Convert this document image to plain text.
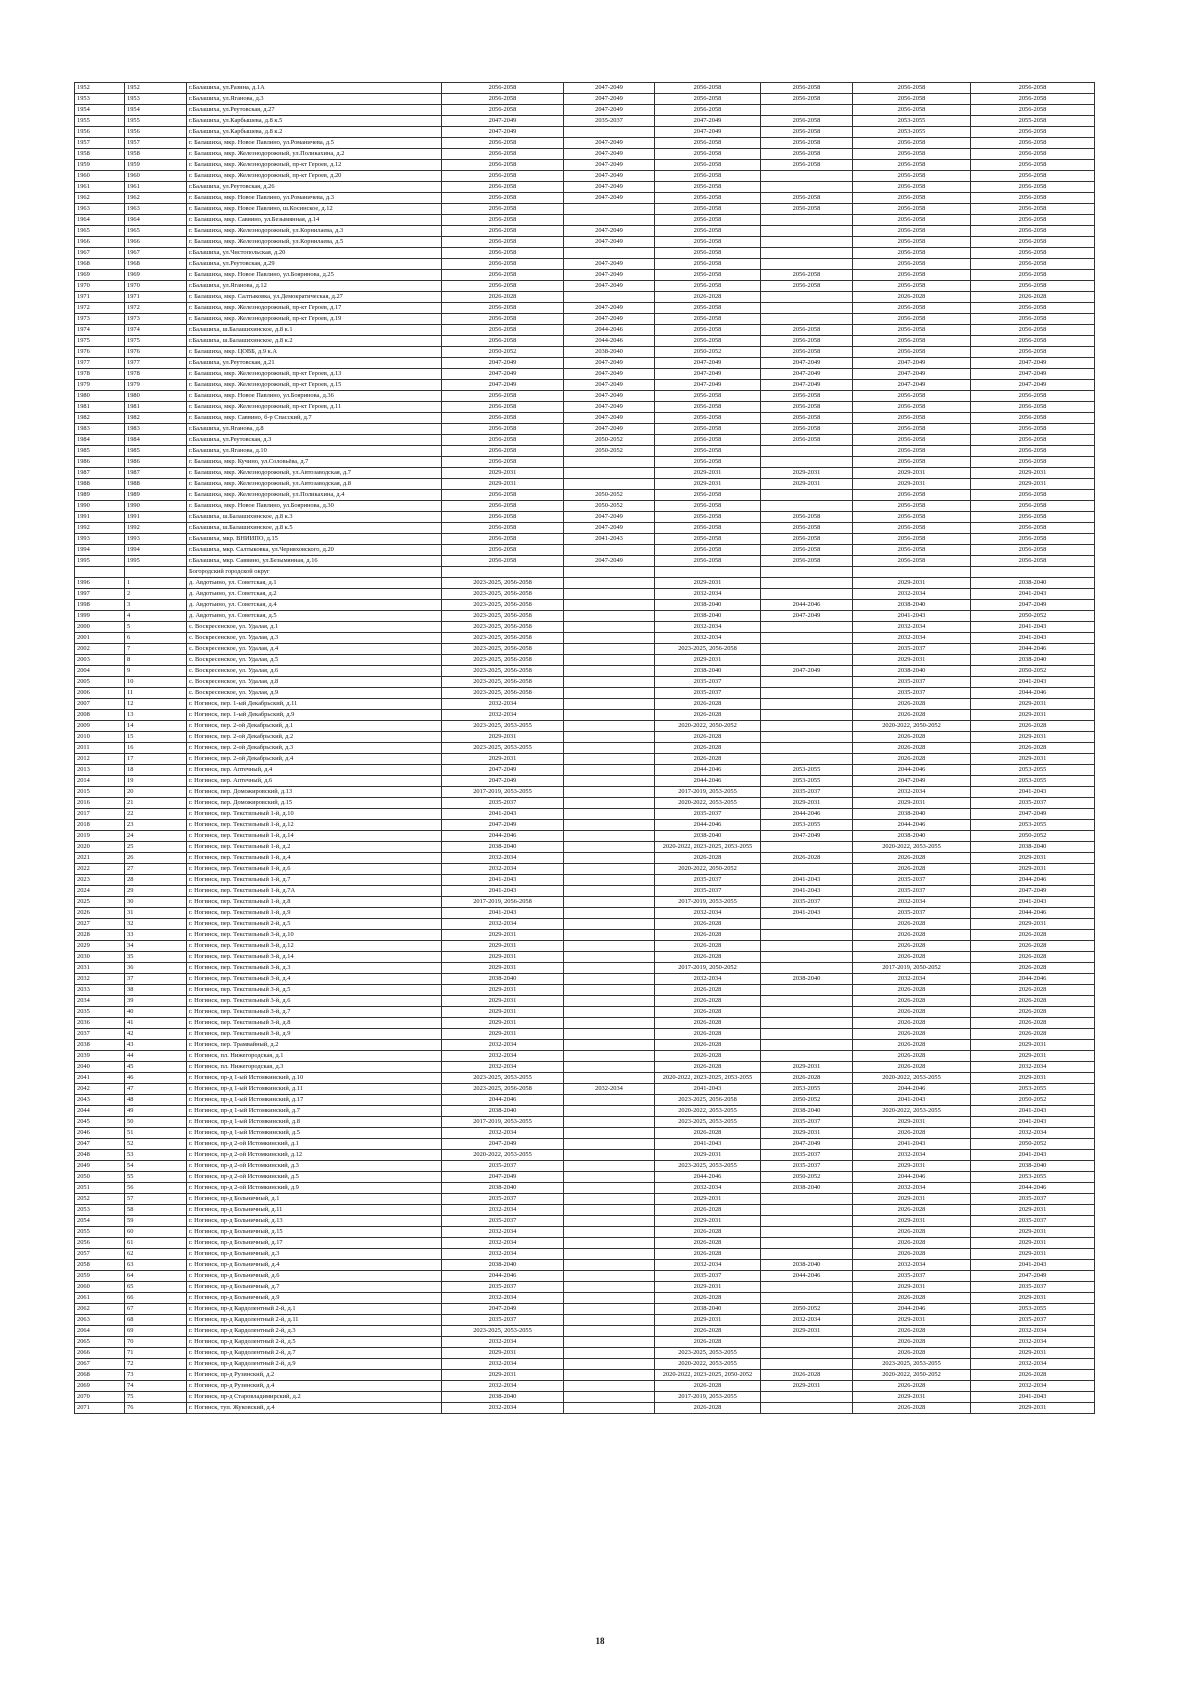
1952	1952	г.Балашиха, ул.Разина, д.1А	2056-2058	2047-2049	2056-2058	2056-2058	2056-2058	2056-2058
1953	1953	г.Балашиха, ул.Яганова, д.3	2056-2058	2047-2049	2056-2058	2056-2058	2056-2058	2056-2058
1954	1954	г.Балашиха, ул.Реутовская, д.27	2056-2058	2047-2049	2056-2058		2056-2058	2056-2058
1955	1955	г.Балашиха, ул.Карбышева, д.8 к.5	2047-2049	2035-2037	2047-2049	2056-2058	2053-2055	2055-2058
1956	1956	г.Балашиха, ул.Карбышева, д.8 к.2	2047-2049		2047-2049	2056-2058	2053-2055	2056-2058
1957	1957	г. Балашиха, мкр. Новое Павлино, ул.Романичева, д.5	2056-2058	2047-2049	2056-2058	2056-2058	2056-2058	2056-2058
1958	1958	г. Балашиха, мкр. Железнодорожный, ул.Поликахина, д.2	2056-2058	2047-2049	2056-2058	2056-2058	2056-2058	2056-2058
1959	1959	г. Балашиха, мкр. Железнодорожный, пр-кт Героев, д.12	2056-2058	2047-2049	2056-2058	2056-2058	2056-2058	2056-2058
1960	1960	г. Балашиха, мкр. Железнодорожный, пр-кт Героев, д.20	2056-2058	2047-2049	2056-2058		2056-2058	2056-2058
1961	1961	г.Балашиха, ул.Реутовская, д.26	2056-2058	2047-2049	2056-2058		2056-2058	2056-2058
1962	1962	г. Балашиха, мкр. Новое Павлино, ул.Романичева, д.3	2056-2058	2047-2049	2056-2058	2056-2058	2056-2058	2056-2058
1963	1963	г. Балашиха, мкр. Новое Павлино, ш.Косинское, д.12	2056-2058		2056-2058	2056-2058	2056-2058	2056-2058
1964	1964	г. Балашиха, мкр. Саввино, ул.Безымянная, д.14	2056-2058		2056-2058		2056-2058	2056-2058
1965	1965	г. Балашиха, мкр. Железнодорожный, ул.Корнилаева, д.3	2056-2058	2047-2049	2056-2058		2056-2058	2056-2058
1966	1966	г. Балашиха, мкр. Железнодорожный, ул.Корнилаева, д.5	2056-2058	2047-2049	2056-2058		2056-2058	2056-2058
1967	1967	г.Балашиха, ул.Чистопольская, д.20	2056-2058		2056-2058		2056-2058	2056-2058
1968	1968	г.Балашиха, ул.Реутовская, д.29	2056-2058	2047-2049	2056-2058		2056-2058	2056-2058
1969	1969	г. Балашиха, мкр. Новое Павлино, ул.Бояринова, д.25	2056-2058	2047-2049	2056-2058	2056-2058	2056-2058	2056-2058
1970	1970	г.Балашиха, ул.Яганова, д.12	2056-2058	2047-2049	2056-2058	2056-2058	2056-2058	2056-2058
1971	1971	г. Балашиха, мкр. Салтыковка, ул.Демократическая, д.27	2026-2028		2026-2028		2026-2028	2026-2028
1972	1972	г. Балашиха, мкр. Железнодорожный, пр-кт Героев, д.17	2056-2058	2047-2049	2056-2058		2056-2058	2056-2058
1973	1973	г. Балашиха, мкр. Железнодорожный, пр-кт Героев, д.19	2056-2058	2047-2049	2056-2058		2056-2058	2056-2058
1974	1974	г.Балашиха, ш.Балашихинское, д.8 к.1	2056-2058	2044-2046	2056-2058	2056-2058	2056-2058	2056-2058
1975	1975	г.Балашиха, ш.Балашихинское, д.8 к.2	2056-2058	2044-2046	2056-2058	2056-2058	2056-2058	2056-2058
1976	1976	г. Балашиха, мкр. ЦОВБ, д.9 к.А	2050-2052	2038-2040	2050-2052	2056-2058	2056-2058	2056-2058
1977	1977	г.Балашиха, ул.Реутовская, д.21	2047-2049	2047-2049	2047-2049	2047-2049	2047-2049	2047-2049
1978	1978	г. Балашиха, мкр. Железнодорожный, пр-кт Героев, д.13	2047-2049	2047-2049	2047-2049	2047-2049	2047-2049	2047-2049
1979	1979	г. Балашиха, мкр. Железнодорожный, пр-кт Героев, д.15	2047-2049	2047-2049	2047-2049	2047-2049	2047-2049	2047-2049
1980	1980	г. Балашиха, мкр. Новое Павлино, ул.Бояринова, д.36	2056-2058	2047-2049	2056-2058	2056-2058	2056-2058	2056-2058
1981	1981	г. Балашиха, мкр. Железнодорожный, пр-кт Героев, д.11	2056-2058	2047-2049	2056-2058	2056-2058	2056-2058	2056-2058
1982	1982	г. Балашиха, мкр. Саввино, б-р Спасский, д.7	2056-2058	2047-2049	2056-2058	2056-2058	2056-2058	2056-2058
1983	1983	г.Балашиха, ул.Яганова, д.8	2056-2058	2047-2049	2056-2058	2056-2058	2056-2058	2056-2058
1984	1984	г.Балашиха, ул.Реутовская, д.3	2056-2058	2050-2052	2056-2058	2056-2058	2056-2058	2056-2058
1985	1985	г.Балашиха, ул.Яганова, д.10	2056-2058	2050-2052	2056-2058		2056-2058	2056-2058
1986	1986	г. Балашиха, мкр. Кучино, ул.Соловьёва, д.7	2056-2058		2056-2058		2056-2058	2056-2058
1987	1987	г. Балашиха, мкр. Железнодорожный, ул.Автозаводская, д.7	2029-2031		2029-2031	2029-2031	2029-2031	2029-2031
1988	1988	г. Балашиха, мкр. Железнодорожный, ул.Автозаводская, д.8	2029-2031		2029-2031	2029-2031	2029-2031	2029-2031
1989	1989	г. Балашиха, мкр. Железнодорожный, ул.Поликахина, д.4	2056-2058	2050-2052	2056-2058		2056-2058	2056-2058
1990	1990	г. Балашиха, мкр. Новое Павлино, ул.Бояринова, д.30	2056-2058	2050-2052	2056-2058		2056-2058	2056-2058
1991	1991	г.Балашиха, ш.Балашихинское, д.8 к.3	2056-2058	2047-2049	2056-2058	2056-2058	2056-2058	2056-2058
1992	1992	г.Балашиха, ш.Балашихинское, д.8 к.5	2056-2058	2047-2049	2056-2058	2056-2058	2056-2058	2056-2058
1993	1993	г.Балашиха, мкр. ВНИИПО, д.15	2056-2058	2041-2043	2056-2058	2056-2058	2056-2058	2056-2058
1994	1994	г.Балашиха, мкр. Салтыковка, ул.Черняховского, д.20	2056-2058		2056-2058	2056-2058	2056-2058	2056-2058
1995	1995	г.Балашиха, мкр. Саввино, ул.Безымянная, д.16	2056-2058	2047-2049	2056-2058	2056-2058	2056-2058	2056-2058
		Богородский городской округ						
1996	1	д. Авдотьино, ул. Советская, д.1	2023-2025, 2056-2058		2029-2031		2029-2031	2038-2040
1997	2	д. Авдотьино, ул. Советская, д.2	2023-2025, 2056-2058		2032-2034		2032-2034	2041-2043
1998	3	д. Авдотьино, ул. Советская, д.4	2023-2025, 2056-2058		2038-2040	2044-2046	2038-2040	2047-2049
1999	4	д. Авдотьино, ул. Советская, д.5	2023-2025, 2056-2058		2038-2040	2047-2049	2041-2043	2050-2052
2000	5	с. Воскресенское, ул. Удалая, д.1	2023-2025, 2056-2058		2032-2034		2032-2034	2041-2043
2001	6	с. Воскресенское, ул. Удалая, д.3	2023-2025, 2056-2058		2032-2034		2032-2034	2041-2043
2002	7	с. Воскресенское, ул. Удалая, д.4	2023-2025, 2056-2058		2023-2025, 2056-2058		2035-2037	2044-2046
2003	8	с. Воскресенское, ул. Удалая, д.5	2023-2025, 2056-2058		2029-2031		2029-2031	2038-2040
2004	9	с. Воскресенское, ул. Удалая, д.6	2023-2025, 2056-2058		2038-2040	2047-2049	2038-2040	2050-2052
2005	10	с. Воскресенское, ул. Удалая, д.8	2023-2025, 2056-2058		2035-2037		2035-2037	2041-2043
2006	11	с. Воскресенское, ул. Удалая, д.9	2023-2025, 2056-2058		2035-2037		2035-2037	2044-2046
2007	12	г. Ногинск, пер. 1-ый Декабрьский, д.11	2032-2034		2026-2028		2026-2028	2029-2031
2008	13	г. Ногинск, пер. 1-ый Декабрьский, д.9	2032-2034		2026-2028		2026-2028	2029-2031
2009	14	г. Ногинск, пер. 2-ой Декабрьский, д.1	2023-2025, 2053-2055		2020-2022, 2050-2052		2020-2022, 2050-2052	2026-2028
2010	15	г. Ногинск, пер. 2-ой Декабрьский, д.2	2029-2031		2026-2028		2026-2028	2029-2031
2011	16	г. Ногинск, пер. 2-ой Декабрьский, д.3	2023-2025, 2053-2055		2026-2028		2026-2028	2026-2028
2012	17	г. Ногинск, пер. 2-ой Декабрьский, д.4	2029-2031		2026-2028		2026-2028	2029-2031
2013	18	г. Ногинск, пер. Аптечный, д.4	2047-2049		2044-2046	2053-2055	2044-2046	2053-2055
2014	19	г. Ногинск, пер. Аптечный, д.6	2047-2049		2044-2046	2053-2055	2047-2049	2053-2055
2015	20	г. Ногинск, пер. Доможировский, д.13	2017-2019, 2053-2055		2017-2019, 2053-2055	2035-2037	2032-2034	2041-2043
2016	21	г. Ногинск, пер. Доможировский, д.15	2035-2037		2020-2022, 2053-2055	2029-2031	2029-2031	2035-2037
2017	22	г. Ногинск, пер. Текстильный 1-й, д.10	2041-2043		2035-2037	2044-2046	2038-2040	2047-2049
2018	23	г. Ногинск, пер. Текстильный 1-й, д.12	2047-2049		2044-2046	2053-2055	2044-2046	2053-2055
2019	24	г. Ногинск, пер. Текстильный 1-й, д.14	2044-2046		2038-2040	2047-2049	2038-2040	2050-2052
2020	25	г. Ногинск, пер. Текстильный 1-й, д.2	2038-2040		2020-2022, 2023-2025, 2053-2055		2020-2022, 2053-2055	2038-2040
2021	26	г. Ногинск, пер. Текстильный 1-й, д.4	2032-2034		2026-2028	2026-2028	2026-2028	2029-2031
2022	27	г. Ногинск, пер. Текстильный 1-й, д.6	2032-2034		2020-2022, 2050-2052		2026-2028	2029-2031
2023	28	г. Ногинск, пер. Текстильный 1-й, д.7	2041-2043		2035-2037	2041-2043	2035-2037	2044-2046
2024	29	г. Ногинск, пер. Текстильный 1-й, д.7А	2041-2043		2035-2037	2041-2043	2035-2037	2047-2049
2025	30	г. Ногинск, пер. Текстильный 1-й, д.8	2017-2019, 2056-2058		2017-2019, 2053-2055	2035-2037	2032-2034	2041-2043
2026	31	г. Ногинск, пер. Текстильный 1-й, д.9	2041-2043		2032-2034	2041-2043	2035-2037	2044-2046
2027	32	г. Ногинск, пер. Текстильный 2-й, д.5	2032-2034		2026-2028		2026-2028	2029-2031
2028	33	г. Ногинск, пер. Текстильный 3-й, д.10	2029-2031		2026-2028		2026-2028	2026-2028
2029	34	г. Ногинск, пер. Текстильный 3-й, д.12	2029-2031		2026-2028		2026-2028	2026-2028
2030	35	г. Ногинск, пер. Текстильный 3-й, д.14	2029-2031		2026-2028		2026-2028	2026-2028
2031	36	г. Ногинск, пер. Текстильный 3-й, д.3	2029-2031		2017-2019, 2050-2052		2017-2019, 2050-2052	2026-2028
2032	37	г. Ногинск, пер. Текстильный 3-й, д.4	2038-2040		2032-2034	2038-2040	2032-2034	2044-2046
2033	38	г. Ногинск, пер. Текстильный 3-й, д.5	2029-2031		2026-2028		2026-2028	2026-2028
2034	39	г. Ногинск, пер. Текстильный 3-й, д.6	2029-2031		2026-2028		2026-2028	2026-2028
2035	40	г. Ногинск, пер. Текстильный 3-й, д.7	2029-2031		2026-2028		2026-2028	2026-2028
2036	41	г. Ногинск, пер. Текстильный 3-й, д.8	2029-2031		2026-2028		2026-2028	2026-2028
2037	42	г. Ногинск, пер. Текстильный 3-й, д.9	2029-2031		2026-2028		2026-2028	2026-2028
2038	43	г. Ногинск, пер. Трамвайный, д.2	2032-2034		2026-2028		2026-2028	2029-2031
2039	44	г. Ногинск, пл. Нижегородская, д.1	2032-2034		2026-2028		2026-2028	2029-2031
2040	45	г. Ногинск, пл. Нижегородская, д.3	2032-2034		2026-2028	2029-2031	2026-2028	2032-2034
2041	46	г. Ногинск, пр-д 1-ый Истомкинский, д.10	2023-2025, 2053-2055		2020-2022, 2023-2025, 2053-2055	2026-2028	2020-2022, 2053-2055	2029-2031
2042	47	г. Ногинск, пр-д 1-ый Истомкинский, д.11	2023-2025, 2056-2058	2032-2034	2041-2043	2053-2055	2044-2046	2053-2055
2043	48	г. Ногинск, пр-д 1-ый Истомкинский, д.17	2044-2046		2023-2025, 2056-2058	2050-2052	2041-2043	2050-2052
2044	49	г. Ногинск, пр-д 1-ый Истомкинский, д.7	2038-2040		2020-2022, 2053-2055	2038-2040	2020-2022, 2053-2055	2041-2043
2045	50	г. Ногинск, пр-д 1-ый Истомкинский, д.8	2017-2019, 2053-2055		2023-2025, 2053-2055	2035-2037	2029-2031	2041-2043
2046	51	г. Ногинск, пр-д 1-ый Истомкинский, д.5	2032-2034		2026-2028	2029-2031	2026-2028	2032-2034
2047	52	г. Ногинск, пр-д 2-ой Истомкинский, д.1	2047-2049		2041-2043	2047-2049	2041-2043	2050-2052
2048	53	г. Ногинск, пр-д 2-ой Истомкинский, д.12	2020-2022, 2053-2055		2029-2031	2035-2037	2032-2034	2041-2043
2049	54	г. Ногинск, пр-д 2-ой Истомкинский, д.3	2035-2037		2023-2025, 2053-2055	2035-2037	2029-2031	2038-2040
2050	55	г. Ногинск, пр-д 2-ой Истомкинский, д.5	2047-2049		2044-2046	2050-2052	2044-2046	2053-2055
2051	56	г. Ногинск, пр-д 2-ой Истомкинский, д.9	2038-2040		2032-2034	2038-2040	2032-2034	2044-2046
2052	57	г. Ногинск, пр-д Больничный, д.1	2035-2037		2029-2031		2029-2031	2035-2037
2053	58	г. Ногинск, пр-д Больничный, д.11	2032-2034		2026-2028		2026-2028	2029-2031
2054	59	г. Ногинск, пр-д Больничный, д.13	2035-2037		2029-2031		2029-2031	2035-2037
2055	60	г. Ногинск, пр-д Больничный, д.15	2032-2034		2026-2028		2026-2028	2029-2031
2056	61	г. Ногинск, пр-д Больничный, д.17	2032-2034		2026-2028		2026-2028	2029-2031
2057	62	г. Ногинск, пр-д Больничный, д.3	2032-2034		2026-2028		2026-2028	2029-2031
2058	63	г. Ногинск, пр-д Больничный, д.4	2038-2040		2032-2034	2038-2040	2032-2034	2041-2043
2059	64	г. Ногинск, пр-д Больничный, д.6	2044-2046		2035-2037	2044-2046	2035-2037	2047-2049
2060	65	г. Ногинск, пр-д Больничный, д.7	2035-2037		2029-2031		2029-2031	2035-2037
2061	66	г. Ногинск, пр-д Больничный, д.9	2032-2034		2026-2028		2026-2028	2029-2031
2062	67	г. Ногинск, пр-д Кардолентный 2-й, д.1	2047-2049		2038-2040	2050-2052	2044-2046	2053-2055
2063	68	г. Ногинск, пр-д Кардолентный 2-й, д.11	2035-2037		2029-2031	2032-2034	2029-2031	2035-2037
2064	69	г. Ногинск, пр-д Кардолентный 2-й, д.3	2023-2025, 2053-2055		2026-2028	2029-2031	2026-2028	2032-2034
2065	70	г. Ногинск, пр-д Кардолентный 2-й, д.5	2032-2034		2026-2028		2026-2028	2032-2034
2066	71	г. Ногинск, пр-д Кардолентный 2-й, д.7	2029-2031		2023-2025, 2053-2055		2026-2028	2029-2031
2067	72	г. Ногинск, пр-д Кардолентный 2-й, д.9	2032-2034		2020-2022, 2053-2055		2023-2025, 2053-2055	2032-2034
2068	73	г. Ногинск, пр-д Рузинский, д.2	2029-2031		2020-2022, 2023-2025, 2050-2052	2026-2028	2020-2022, 2050-2052	2026-2028
2069	74	г. Ногинск, пр-д Рузинский, д.4	2032-2034		2026-2028	2029-2031	2026-2028	2032-2034
2070	75	г. Ногинск, пр-д Старовладимирский, д.2	2038-2040		2017-2019, 2053-2055		2029-2031	2041-2043
2071	76	г. Ногинск, туп. Жуковский, д.4	2032-2034		2026-2028		2026-2028	2029-2031
18
